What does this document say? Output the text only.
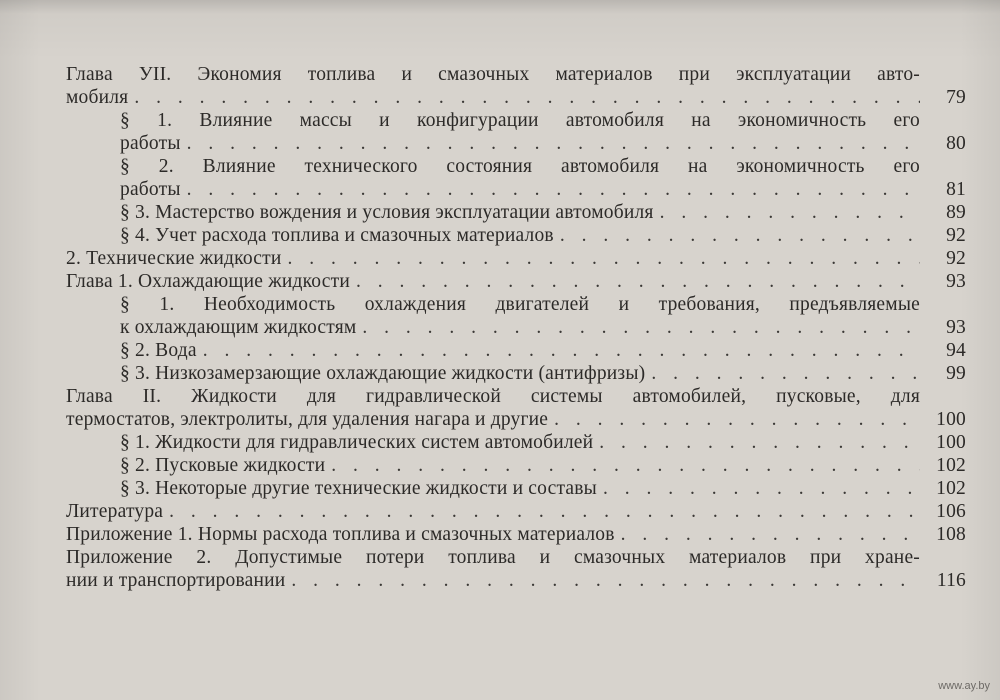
Глава УII. Экономия топлива и смазочных материалов при эксплуатации авто-
мобиля . . .	79
§ 1. Влияние массы и конфигурации автомобиля на экономичность его
работы . . .	80
§ 2. Влияние технического состояния автомобиля на экономичность его
работы . . .	81
§ 3. Мастерство вождения и условия эксплуатации автомобиля . . .	89
§ 4. Учет расхода топлива и смазочных материалов . . .	92
2. Технические жидкости . . .	92
Глава 1. Охлаждающие жидкости . . .	93
§ 1. Необходимость охлаждения двигателей и требования, предъявляемые
к охлаждающим жидкостям . . .	93
§ 2. Вода . . .	94
§ 3. Низкозамерзающие охлаждающие жидкости (антифризы) . . .	99
Глава II. Жидкости для гидравлической системы автомобилей, пусковые, для
термостатов, электролиты, для удаления нагара и другие . . .	100
§ 1. Жидкости для гидравлических систем автомобилей . . .	100
§ 2. Пусковые жидкости . . .	102
§ 3. Некоторые другие технические жидкости и составы . . .	102
Литература . . .	106
Приложение 1. Нормы расхода топлива и смазочных материалов . . .	108
Приложение 2. Допустимые потери топлива и смазочных материалов при хране-
нии и транспортировании . . .	116
www.ay.by
